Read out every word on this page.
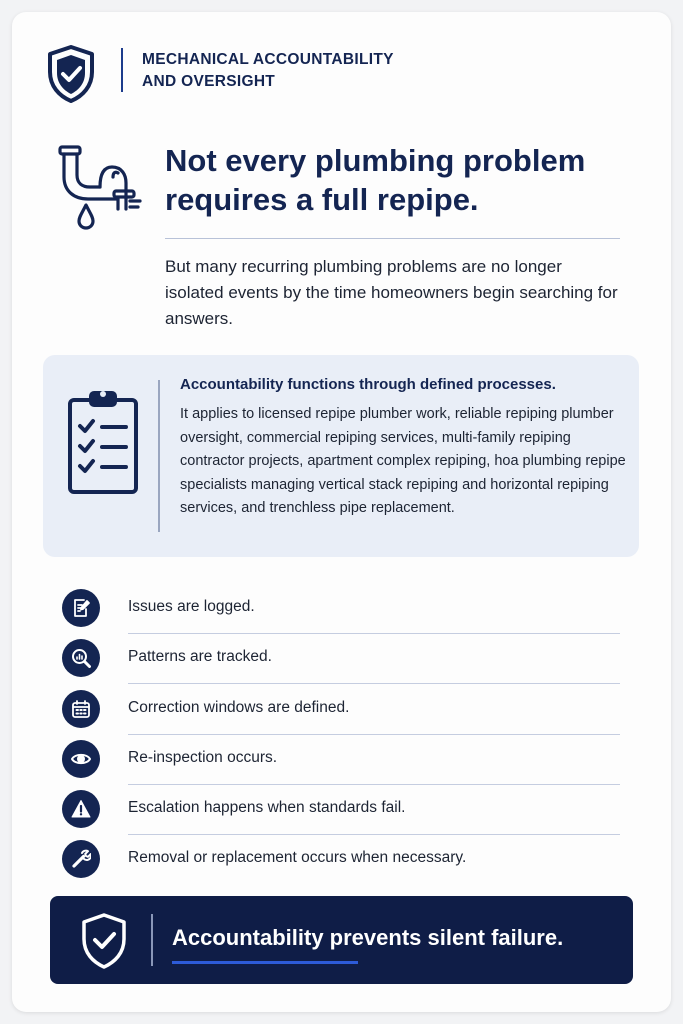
MECHANICAL ACCOUNTABILITY
AND OVERSIGHT
Not every plumbing problem
requires a full repipe.
But many recurring plumbing problems are no longer isolated events by the time homeowners begin searching for answers.
Accountability functions through defined processes.
It applies to licensed repipe plumber work, reliable repiping plumber oversight, commercial repiping services, multi-family repiping contractor projects, apartment complex repiping, hoa plumbing repipe specialists managing vertical stack repiping and horizontal repiping services, and trenchless pipe replacement.
Issues are logged.
Patterns are tracked.
Correction windows are defined.
Re-inspection occurs.
Escalation happens when standards fail.
Removal or replacement occurs when necessary.
Accountability prevents silent failure.
